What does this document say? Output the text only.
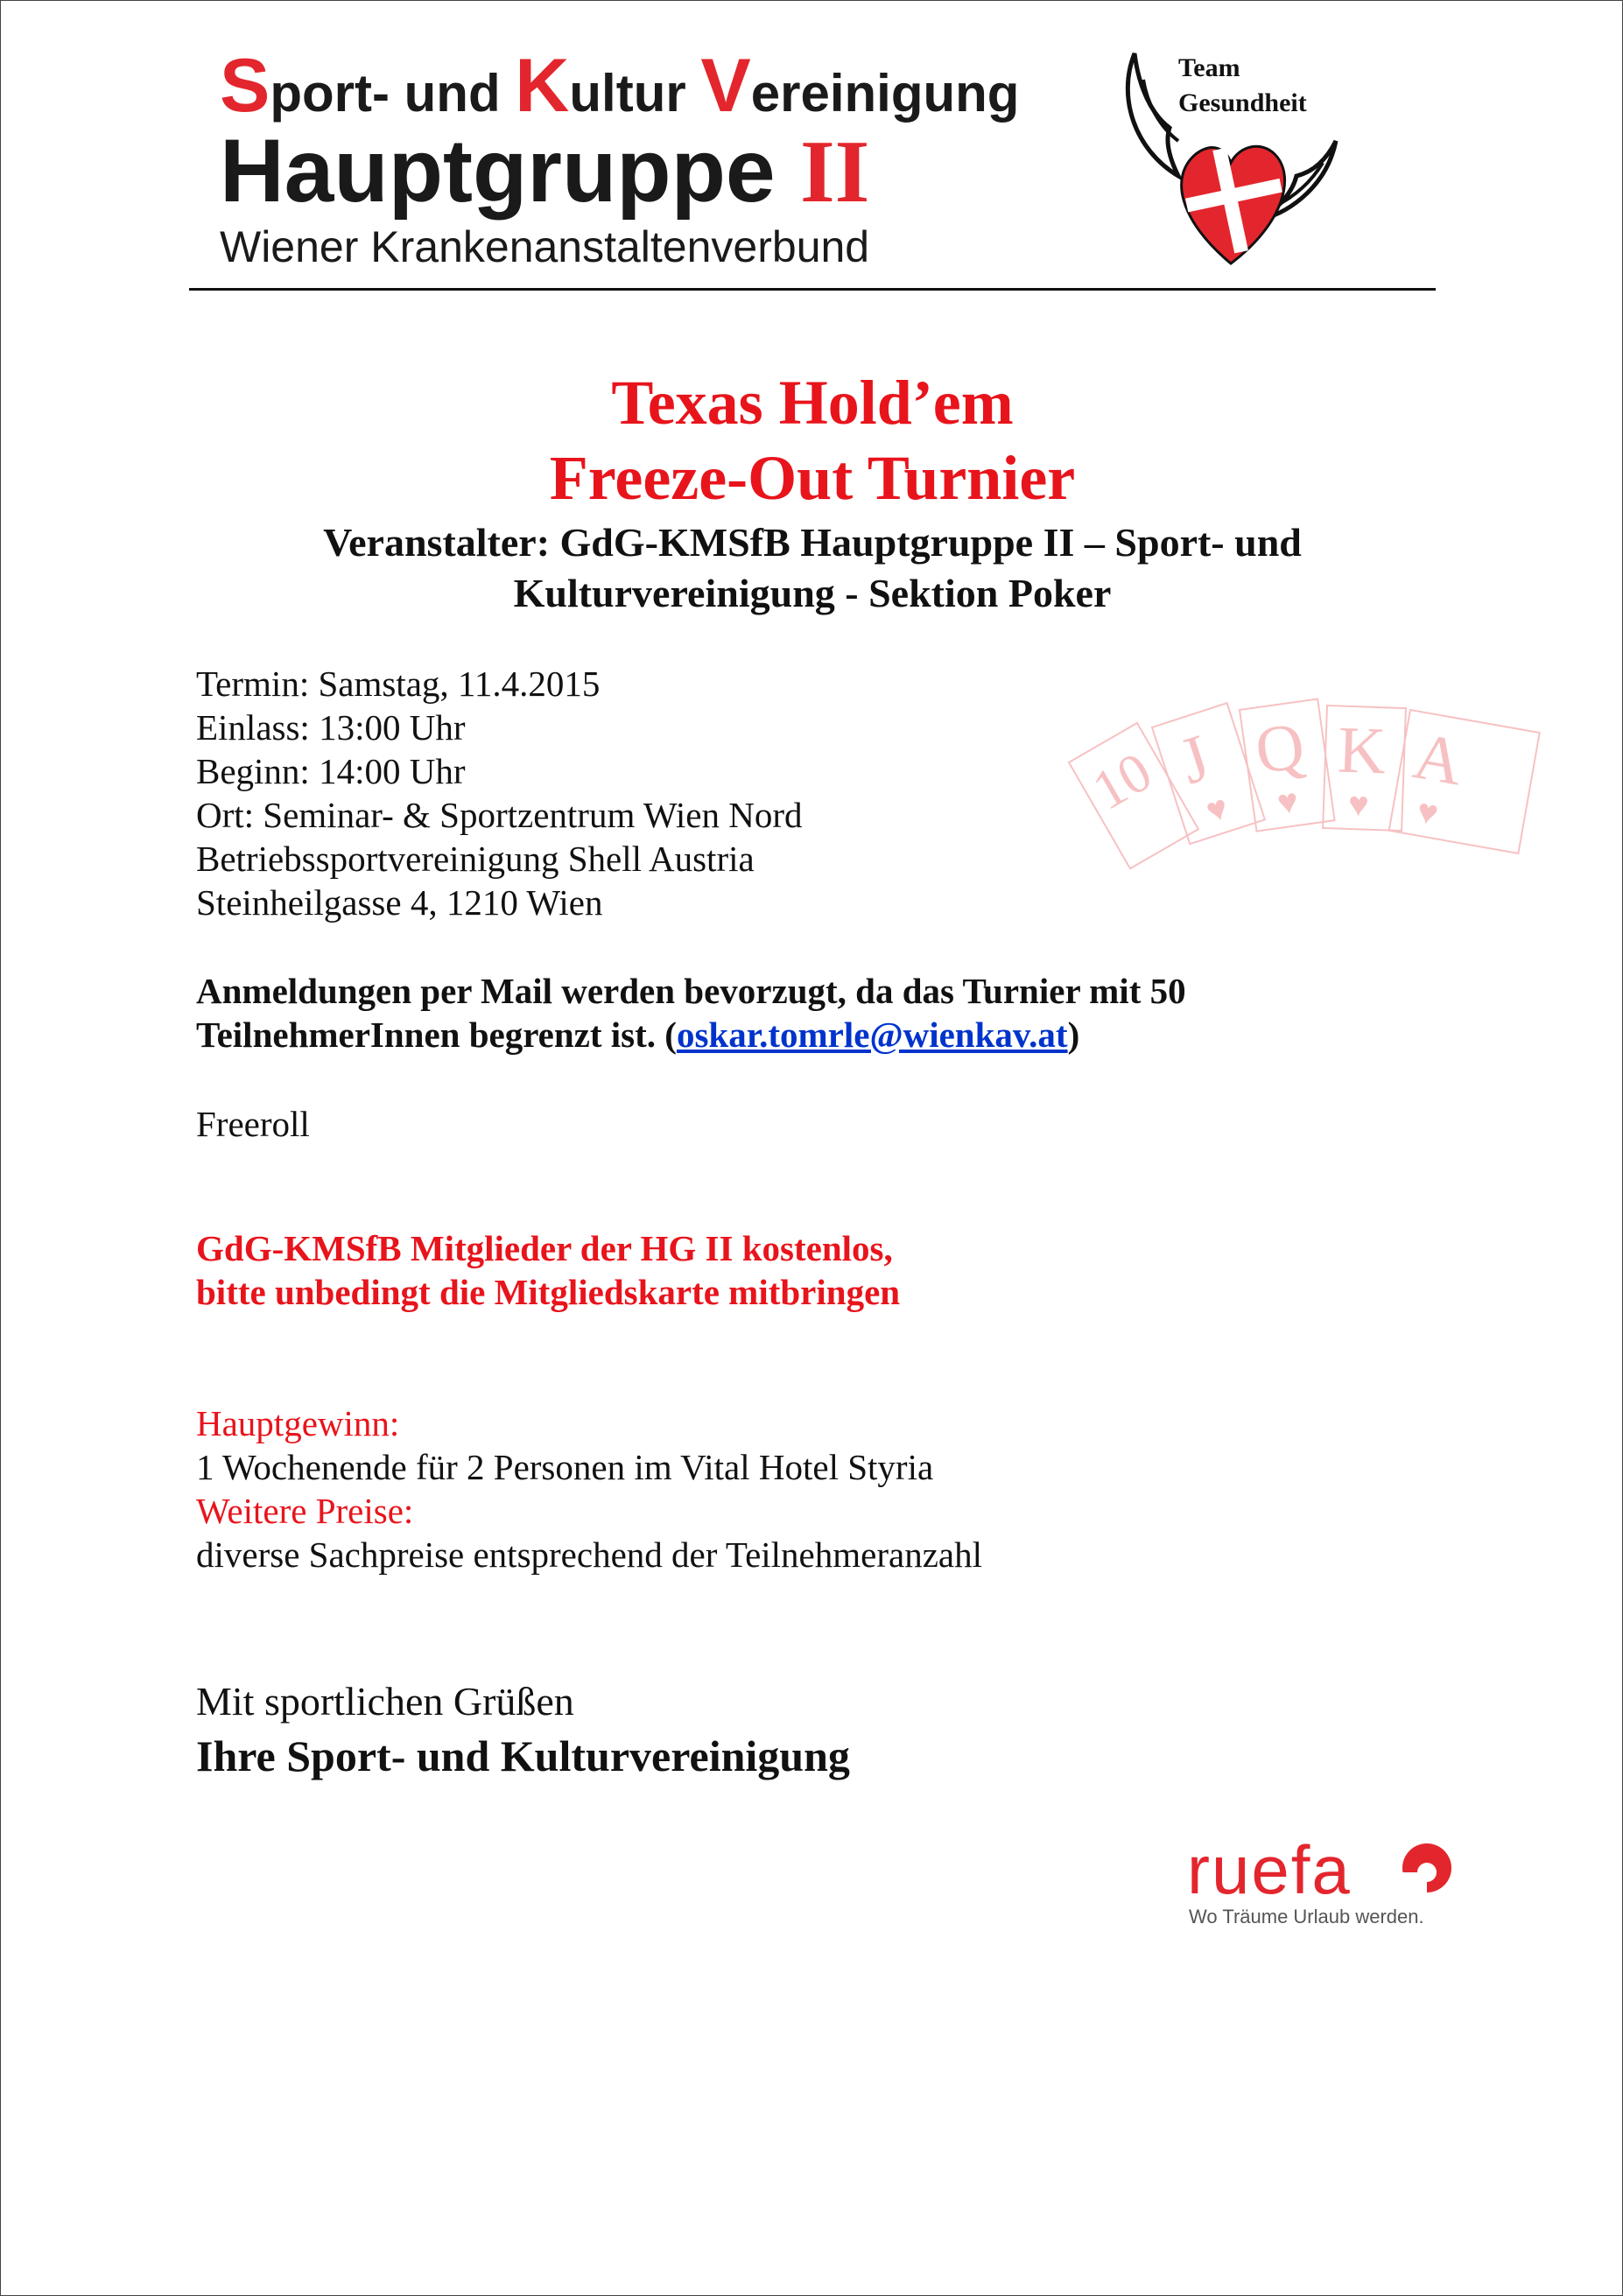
Sport- und Kultur Vereinigung
Hauptgruppe II
Wiener Krankenanstaltenverbund
Team
Gesundheit
Texas Hold’em
Freeze-Out Turnier
Veranstalter: GdG-KMSfB Hauptgruppe II – Sport- und
Kulturvereinigung - Sektion Poker
Termin: Samstag, 11.4.2015
Einlass: 13:00 Uhr
Beginn: 14:00 Uhr
Ort: Seminar- & Sportzentrum Wien Nord
Betriebssportvereinigung Shell Austria
Steinheilgasse 4, 1210 Wien
10 J
♥
Q
♥
K
♥
A
♥
Anmeldungen per Mail werden bevorzugt, da das Turnier mit 50
TeilnehmerInnen begrenzt ist. (oskar.tomrle@wienkav.at)
Freeroll
GdG-KMSfB Mitglieder der HG II kostenlos,
bitte unbedingt die Mitgliedskarte mitbringen
Hauptgewinn:
1 Wochenende für 2 Personen im Vital Hotel Styria
Weitere Preise:
diverse Sachpreise entsprechend der Teilnehmeranzahl
Mit sportlichen Grüßen
Ihre Sport- und Kulturvereinigung
ruefa
Wo Träume Urlaub werden.
